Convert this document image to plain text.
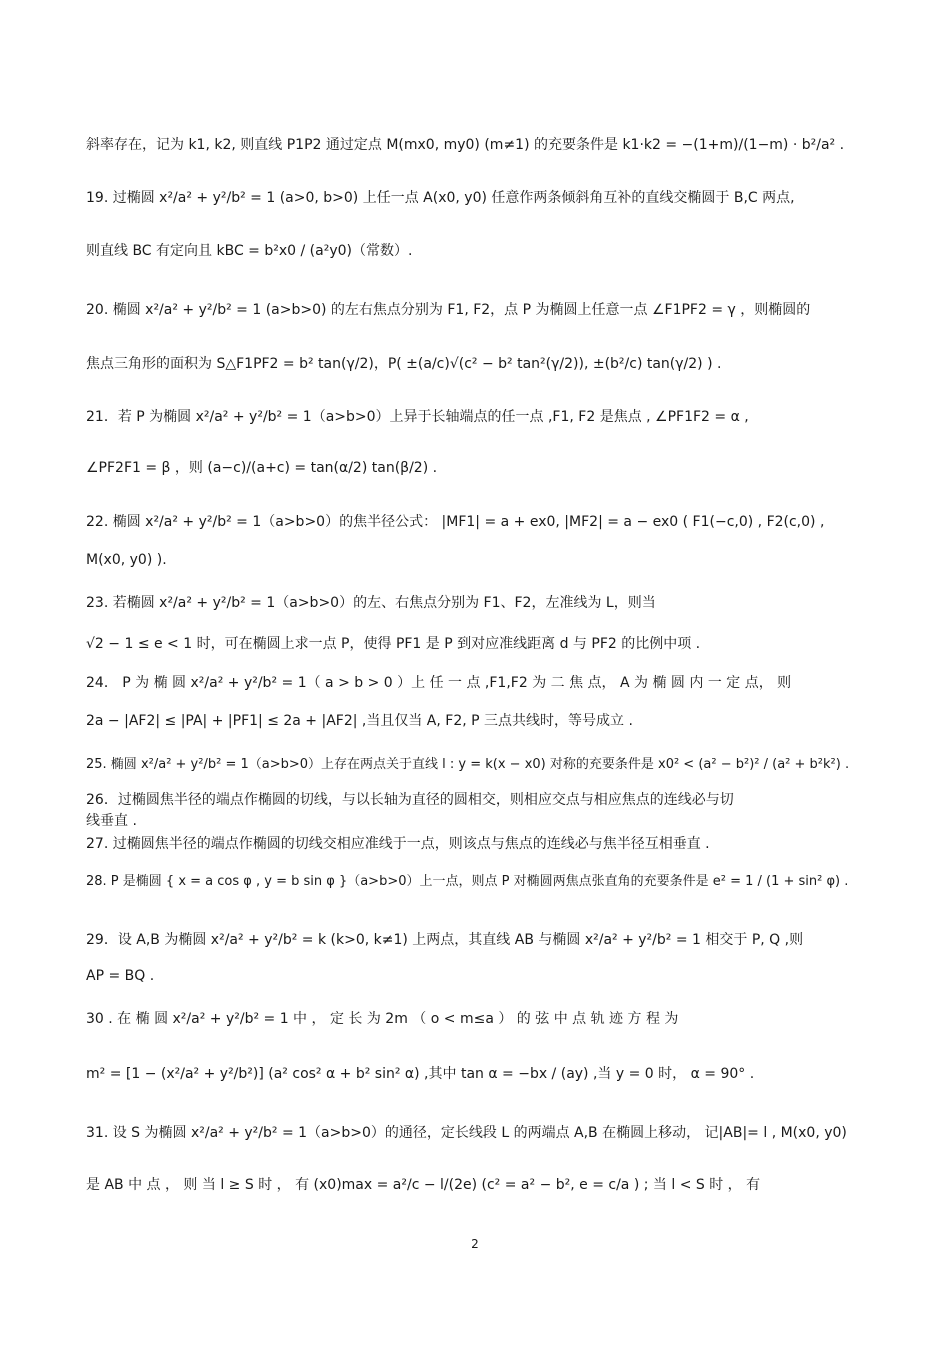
斜率存在，记为 k1, k2, 则直线 P1P2 通过定点 M(mx0, my0) (m≠1) 的充要条件是 k1·k2 = −(1+m)/(1−m) · b²/a² .
19. 过椭圆 x²/a² + y²/b² = 1 (a>0, b>0) 上任一点 A(x0, y0) 任意作两条倾斜角互补的直线交椭圆于 B,C 两点,
则直线 BC 有定向且 kBC = b²x0 / (a²y0)（常数）.
20. 椭圆 x²/a² + y²/b² = 1 (a>b>0) 的左右焦点分别为 F1, F2，点 P 为椭圆上任意一点 ∠F1PF2 = γ ，则椭圆的
焦点三角形的面积为 S△F1PF2 = b² tan(γ/2)，P( ±(a/c)√(c² − b² tan²(γ/2)), ±(b²/c) tan(γ/2) ) .
21．若 P 为椭圆 x²/a² + y²/b² = 1（a>b>0）上异于长轴端点的任一点 ,F1, F2 是焦点 , ∠PF1F2 = α ,
∠PF2F1 = β ，则 (a−c)/(a+c) = tan(α/2) tan(β/2) .
22. 椭圆 x²/a² + y²/b² = 1（a>b>0）的焦半径公式： |MF1| = a + ex0, |MF2| = a − ex0 ( F1(−c,0) , F2(c,0) ,
M(x0, y0) ).
23. 若椭圆 x²/a² + y²/b² = 1（a>b>0）的左、右焦点分别为 F1、F2，左准线为 L，则当
√2 − 1 ≤ e < 1 时，可在椭圆上求一点 P，使得 PF1 是 P 到对应准线距离 d 与 PF2 的比例中项 .
24． P 为 椭 圆 x²/a² + y²/b² = 1（ a > b > 0 ）上 任 一 点 ,F1,F2 为 二 焦 点， A 为 椭 圆 内 一 定 点， 则
2a − |AF2| ≤ |PA| + |PF1| ≤ 2a + |AF2| ,当且仅当 A, F2, P 三点共线时，等号成立 .
25. 椭圆 x²/a² + y²/b² = 1（a>b>0）上存在两点关于直线 l : y = k(x − x0) 对称的充要条件是 x0² < (a² − b²)² / (a² + b²k²) .
26．过椭圆焦半径的端点作椭圆的切线，与以长轴为直径的圆相交，则相应交点与相应焦点的连线必与切
线垂直 .
27. 过椭圆焦半径的端点作椭圆的切线交相应准线于一点，则该点与焦点的连线必与焦半径互相垂直 .
28. P 是椭圆 { x = a cos φ , y = b sin φ }（a>b>0）上一点，则点 P 对椭圆两焦点张直角的充要条件是 e² = 1 / (1 + sin² φ) .
29．设 A,B 为椭圆 x²/a² + y²/b² = k (k>0, k≠1) 上两点，其直线 AB 与椭圆 x²/a² + y²/b² = 1 相交于 P, Q ,则
AP = BQ .
30 . 在 椭 圆 x²/a² + y²/b² = 1 中 ， 定 长 为 2m （ o < m≤a ） 的 弦 中 点 轨 迹 方 程 为
m² = [1 − (x²/a² + y²/b²)] (a² cos² α + b² sin² α) ,其中 tan α = −bx / (ay) ,当 y = 0 时， α = 90° .
31. 设 S 为椭圆 x²/a² + y²/b² = 1（a>b>0）的通径，定长线段 L 的两端点 A,B 在椭圆上移动， 记|AB|= l , M(x0, y0)
是 AB 中 点 ， 则 当 l ≥ S 时 ， 有 (x0)max = a²/c − l/(2e) (c² = a² − b², e = c/a ) ; 当 l < S 时 ， 有
2
